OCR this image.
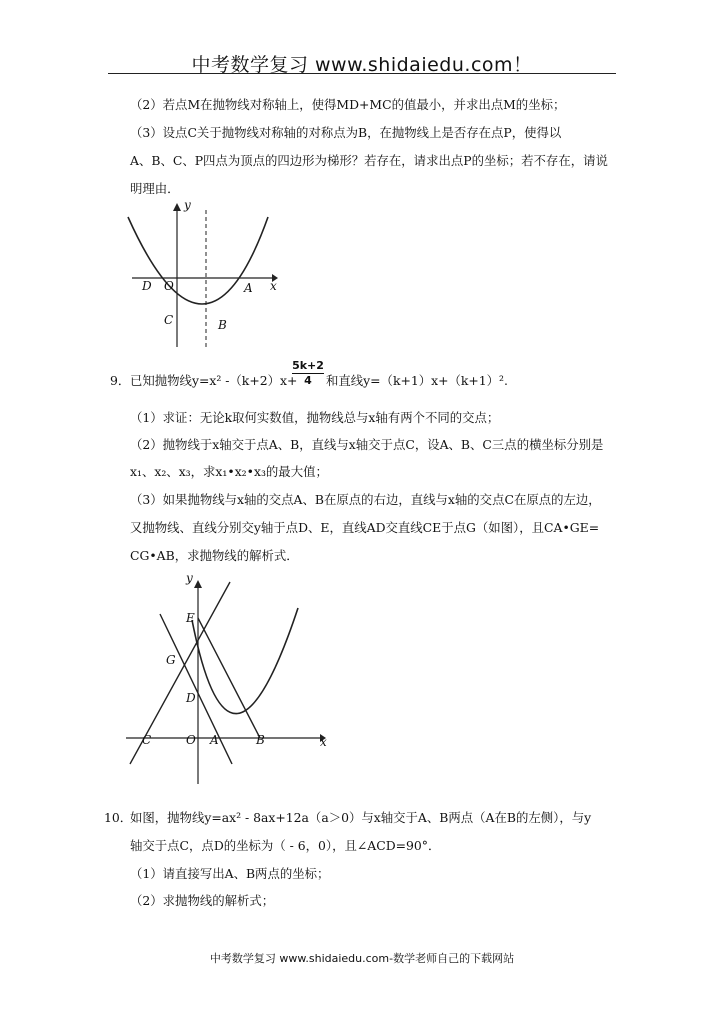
中考数学复习 www.shidaiedu.com！
（2）若点M在抛物线对称轴上，使得MD+MC的值最小，并求出点M的坐标；
（3）设点C关于抛物线对称轴的对称点为B，在抛物线上是否存在点P，使得以
A、B、C、P四点为顶点的四边形为梯形？若存在，请求出点P的坐标；若不存在，请说
明理由．
y
x
D O	A
C	B
9． 已知抛物线y=x² -（k+2）x+
$\frac{5k+2}{4}$ 和直线y=（k+1）x+（k+1）².
（1）求证：无论k取何实数值，抛物线总与x轴有两个不同的交点；
（2）抛物线于x轴交于点A、B，直线与x轴交于点C，设A、B、C三点的横坐标分别是
x₁、x₂、x₃，求x₁•x₂•x₃的最大值；
（3）如果抛物线与x轴的交点A、B在原点的右边，直线与x轴的交点C在原点的左边，
又抛物线、直线分别交y轴于点D、E，直线AD交直线CE于点G（如图），且CA•GE=
CG•AB，求抛物线的解析式．
y
x
E
G
D
C	O A	B
10．
如图，抛物线y=ax² - 8ax+12a（a＞0）与x轴交于A、B两点（A在B的左侧），与y
轴交于点C，点D的坐标为（ - 6，0），且∠ACD=90°．
（1）请直接写出A、B两点的坐标；
（2）求抛物线的解析式；
中考数学复习 www.shidaiedu.com-数学老师自己的下载网站
